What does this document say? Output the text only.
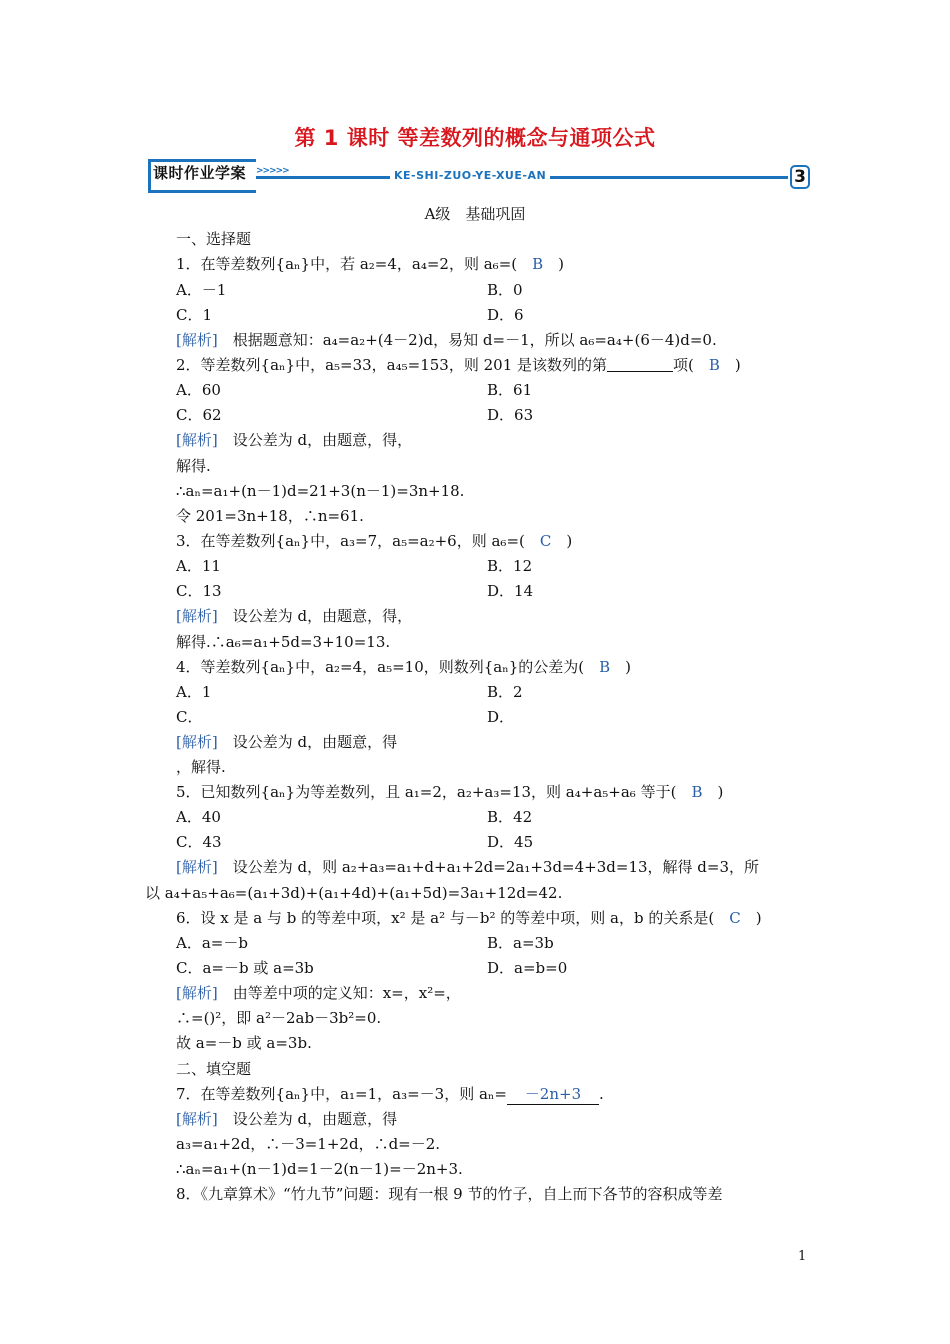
第 1 课时 等差数列的概念与通项公式
课时作业学案 >>>>>	KE-SHI-ZUO-YE-XUE-AN	3
A级　基础巩固
一、选择题
1．在等差数列{aₙ}中，若 a₂=4，a₄=2，则 a₆=(　B　)
A．－1	B．0
C．1	D．6
[解析]　根据题意知：a₄=a₂+(4－2)d，易知 d=－1，所以 a₆=a₄+(6－4)d=0.
2．等差数列{aₙ}中，a₅=33，a₄₅=153，则 201 是该数列的第	项(　B　)
A．60	B．61
C．62	D．63
[解析]　设公差为 d，由题意，得，
解得.
∴aₙ=a₁+(n－1)d=21+3(n－1)=3n+18.
令 201=3n+18，∴n=61.
3．在等差数列{aₙ}中，a₃=7，a₅=a₂+6，则 a₆=(　C　)
A．11	B．12
C．13	D．14
[解析]　设公差为 d，由题意，得，
解得.∴a₆=a₁+5d=3+10=13.
4．等差数列{aₙ}中，a₂=4，a₅=10，则数列{aₙ}的公差为(　B　)
A．1	B．2
C．	D．
[解析]　设公差为 d，由题意，得
，解得.
5．已知数列{aₙ}为等差数列，且 a₁=2，a₂+a₃=13，则 a₄+a₅+a₆ 等于(　B　)
A．40	B．42
C．43	D．45
[解析]　设公差为 d，则 a₂+a₃=a₁+d+a₁+2d=2a₁+3d=4+3d=13，解得 d=3，所
以 a₄+a₅+a₆=(a₁+3d)+(a₁+4d)+(a₁+5d)=3a₁+12d=42.
6．设 x 是 a 与 b 的等差中项，x² 是 a² 与－b² 的等差中项，则 a，b 的关系是(　C　)
A．a=－b	B．a=3b
C．a=－b 或 a=3b	D．a=b=0
[解析]　由等差中项的定义知：x=，x²=，
∴=()²，即 a²－2ab－3b²=0.
故 a=－b 或 a=3b.
二、填空题
7．在等差数列{aₙ}中，a₁=1，a₃=－3，则 aₙ= －2n+3 .
[解析]　设公差为 d，由题意，得
a₃=a₁+2d，∴－3=1+2d，∴d=－2.
∴aₙ=a₁+(n－1)d=1－2(n－1)=－2n+3.
8．《九章算术》“竹九节”问题：现有一根 9 节的竹子，自上而下各节的容积成等差
1
